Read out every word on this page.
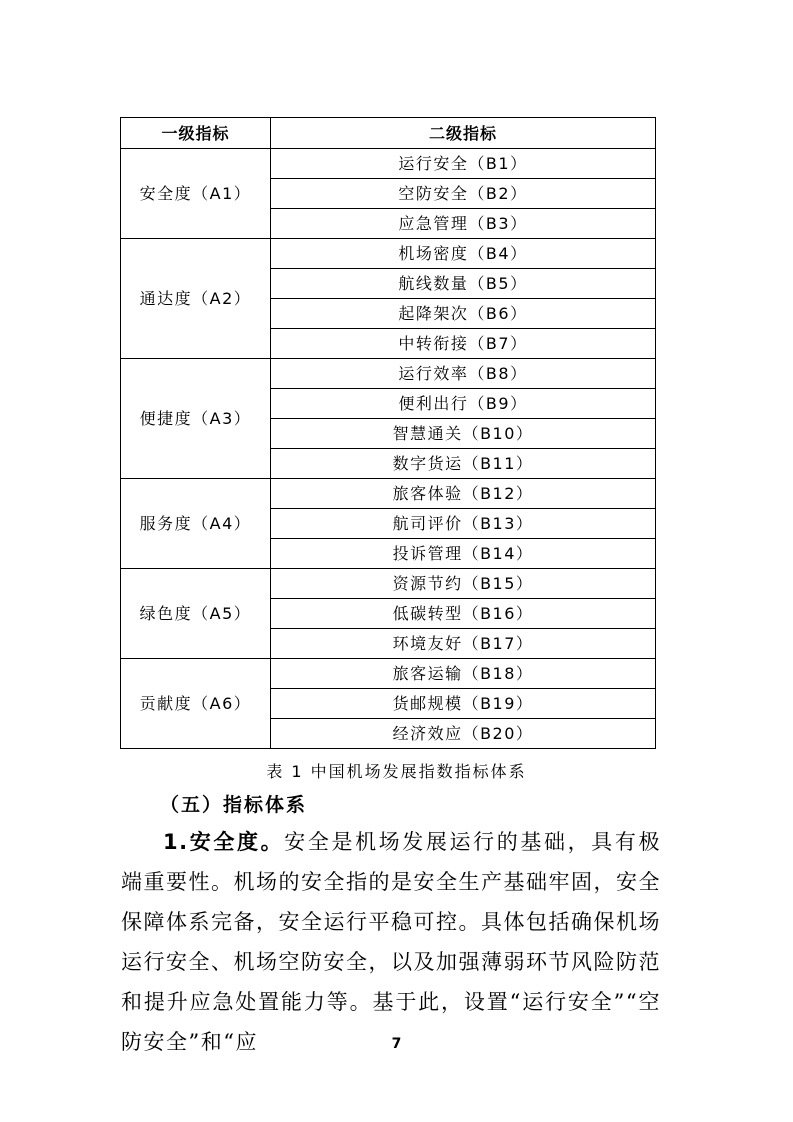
一级指标	二级指标
安全度（A1）	运行安全（B1）
	空防安全（B2）
	应急管理（B3）
通达度（A2）	机场密度（B4）
	航线数量（B5）
	起降架次（B6）
	中转衔接（B7）
便捷度（A3）	运行效率（B8）
	便利出行（B9）
	智慧通关（B10）
	数字货运（B11）
服务度（A4）	旅客体验（B12）
	航司评价（B13）
	投诉管理（B14）
绿色度（A5）	资源节约（B15）
	低碳转型（B16）
	环境友好（B17）
贡献度（A6）	旅客运输（B18）
	货邮规模（B19）
	经济效应（B20）
表 1 中国机场发展指数指标体系
（五）指标体系

1.安全度。安全是机场发展运行的基础，具有极端重要性。机场的安全指的是安全生产基础牢固，安全保障体系完备，安全运行平稳可控。具体包括确保机场运行安全、机场空防安全，以及加强薄弱环节风险防范和提升应急处置能力等。基于此，设置“运行安全”“空防安全”和“应	7
